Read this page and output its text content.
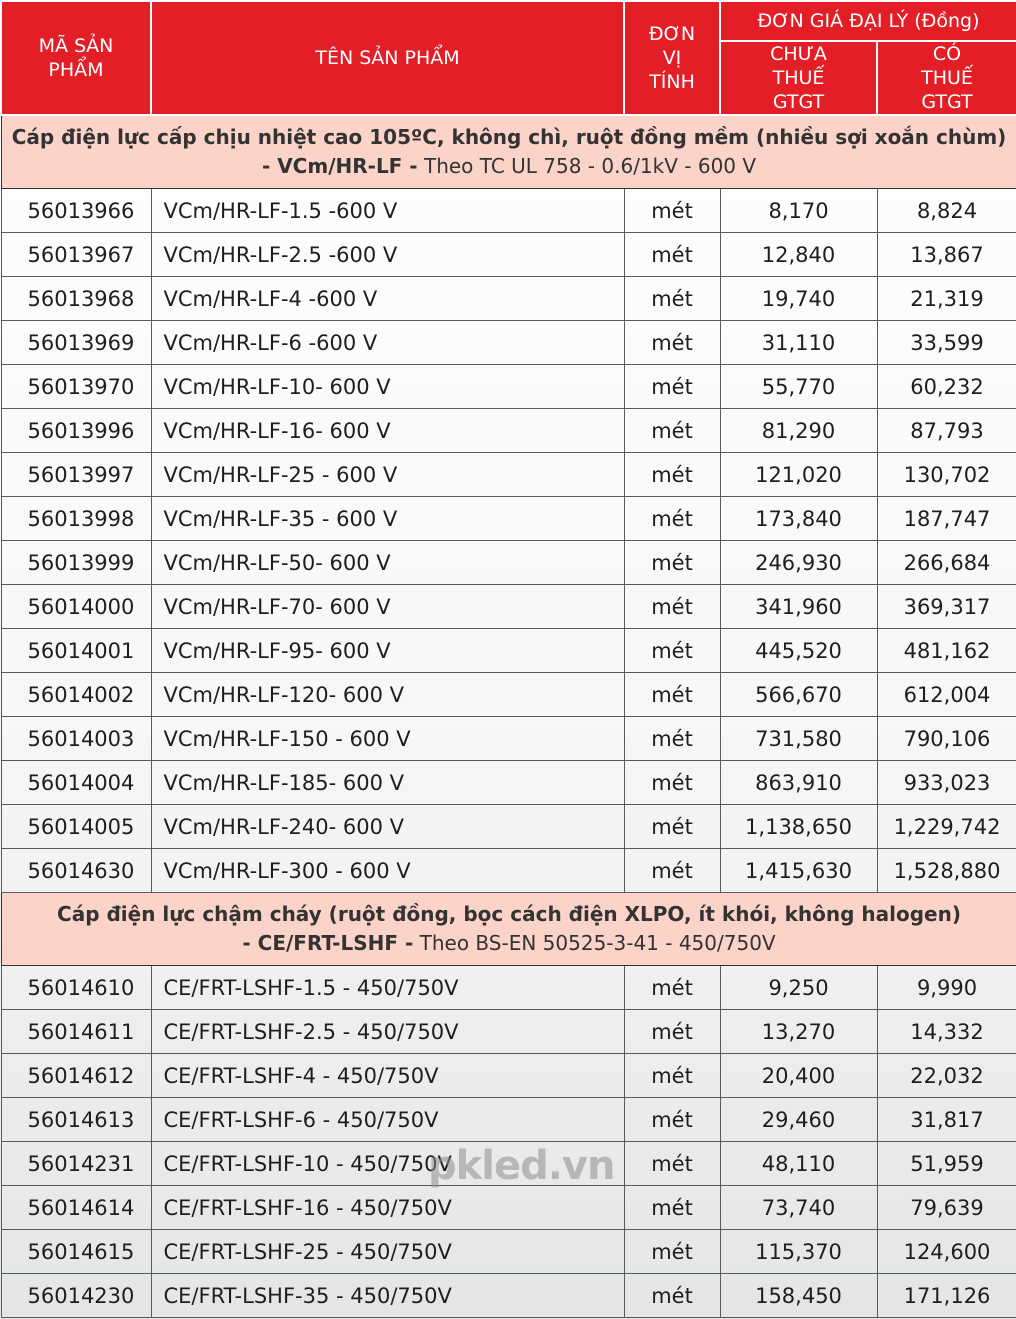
MÃ SẢN PHẨM	TÊN SẢN PHẨM	ĐƠN VỊ TÍNH	ĐƠN GIÁ ĐẠI LÝ (Đồng)	
			CHƯA THUẾ GTGT	CÓ THUẾ GTGT
Cáp điện lực cấp chịu nhiệt cao 105ºC, không chì, ruột đồng mềm (nhiều sợi xoắn chùm)
- VCm/HR-LF - Theo TC UL 758 - 0.6/1kV - 600 V				
56013966	VCm/HR-LF-1.5 -600 V	mét	8,170	8,824
56013967	VCm/HR-LF-2.5 -600 V	mét	12,840	13,867
56013968	VCm/HR-LF-4 -600 V	mét	19,740	21,319
56013969	VCm/HR-LF-6 -600 V	mét	31,110	33,599
56013970	VCm/HR-LF-10- 600 V	mét	55,770	60,232
56013996	VCm/HR-LF-16- 600 V	mét	81,290	87,793
56013997	VCm/HR-LF-25 - 600 V	mét	121,020	130,702
56013998	VCm/HR-LF-35 - 600 V	mét	173,840	187,747
56013999	VCm/HR-LF-50- 600 V	mét	246,930	266,684
56014000	VCm/HR-LF-70- 600 V	mét	341,960	369,317
56014001	VCm/HR-LF-95- 600 V	mét	445,520	481,162
56014002	VCm/HR-LF-120- 600 V	mét	566,670	612,004
56014003	VCm/HR-LF-150 - 600 V	mét	731,580	790,106
56014004	VCm/HR-LF-185- 600 V	mét	863,910	933,023
56014005	VCm/HR-LF-240- 600 V	mét	1,138,650	1,229,742
56014630	VCm/HR-LF-300 - 600 V	mét	1,415,630	1,528,880
Cáp điện lực chậm cháy (ruột đồng, bọc cách điện XLPO, ít khói, không halogen)
- CE/FRT-LSHF - Theo BS-EN 50525-3-41 - 450/750V				
56014610	CE/FRT-LSHF-1.5 - 450/750V	mét	9,250	9,990
56014611	CE/FRT-LSHF-2.5 - 450/750V	mét	13,270	14,332
56014612	CE/FRT-LSHF-4 - 450/750V	mét	20,400	22,032
56014613	CE/FRT-LSHF-6 - 450/750V	mét	29,460	31,817
56014231	CE/FRT-LSHF-10 - 450/750V	mét	48,110	51,959
56014614	CE/FRT-LSHF-16 - 450/750V	mét	73,740	79,639
56014615	CE/FRT-LSHF-25 - 450/750V	mét	115,370	124,600
56014230	CE/FRT-LSHF-35 - 450/750V	mét	158,450	171,126
pkled.vn
